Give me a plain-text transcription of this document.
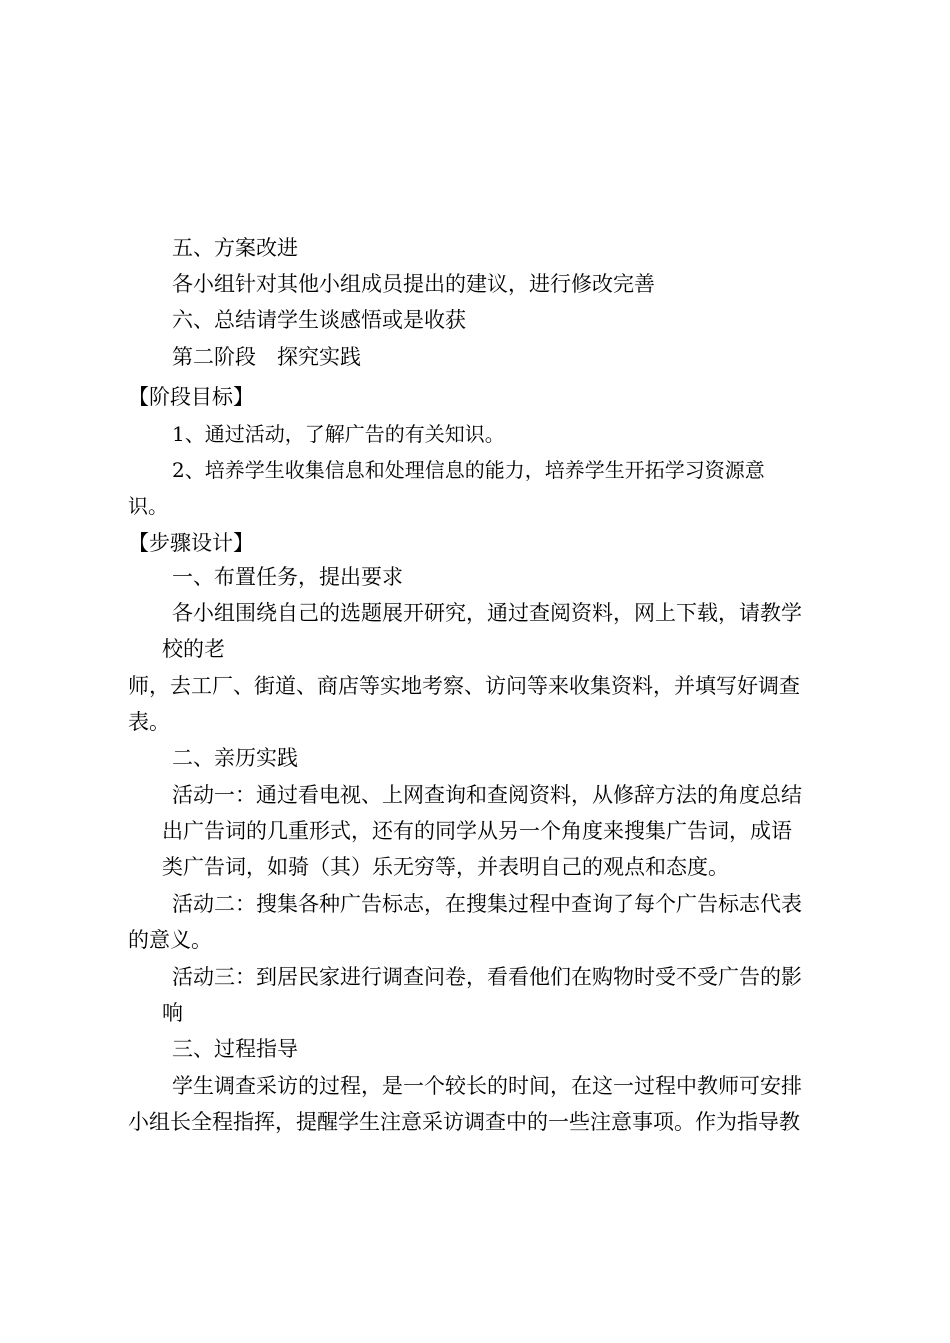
五、方案改进
各小组针对其他小组成员提出的建议，进行修改完善
六、总结请学生谈感悟或是收获
第二阶段　探究实践
【阶段目标】
1、通过活动，了解广告的有关知识。
2、培养学生收集信息和处理信息的能力，培养学生开拓学习资源意
识。
【步骤设计】
一、布置任务，提出要求
各小组围绕自己的选题展开研究，通过查阅资料，网上下载，请教学
校的老
师，去工厂、街道、商店等实地考察、访问等来收集资料，并填写好调查
表。
二、亲历实践
活动一：通过看电视、上网查询和查阅资料，从修辞方法的角度总结
出广告词的几重形式，还有的同学从另一个角度来搜集广告词，成语
类广告词，如骑（其）乐无穷等，并表明自己的观点和态度。
活动二：搜集各种广告标志，在搜集过程中查询了每个广告标志代表
的意义。
活动三：到居民家进行调查问卷，看看他们在购物时受不受广告的影
响
三、过程指导
学生调查采访的过程，是一个较长的时间，在这一过程中教师可安排
小组长全程指挥，提醒学生注意采访调查中的一些注意事项。作为指导教
